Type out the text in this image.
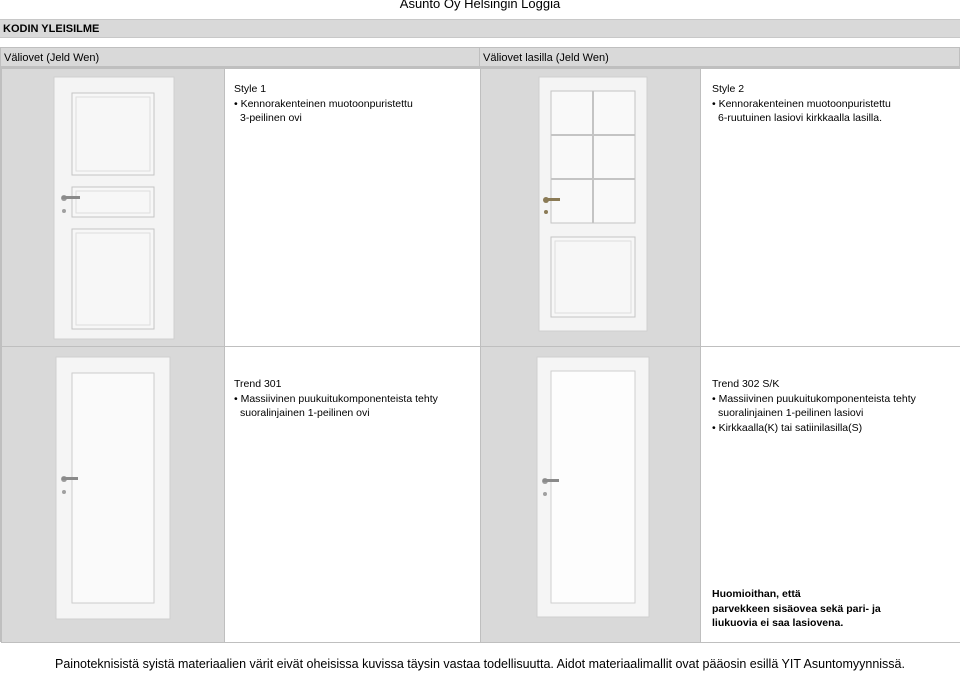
Asunto Oy Helsingin Loggia
KODIN YLEISILME
Väliovet (Jeld Wen)	Väliovet lasilla (Jeld Wen)
Style 1
• Kennorakenteinen muotoonpuristettu
3-peilinen ovi
Style 2
• Kennorakenteinen muotoonpuristettu
6-ruutuinen lasiovi kirkkaalla lasilla.
Trend 301
• Massiivinen puukuitukomponenteista tehty
suoralinjainen 1-peilinen ovi
Trend 302 S/K
• Massiivinen puukuitukomponenteista tehty
suoralinjainen 1-peilinen lasiovi
• Kirkkaalla(K) tai satiinilasilla(S)
Huomioithan, että
parvekkeen sisäovea sekä pari- ja
liukuovia ei saa lasiovena.
Painoteknisistä syistä materiaalien värit eivät oheisissa kuvissa täysin vastaa todellisuutta. Aidot materiaalimallit ovat pääosin esillä YIT Asuntomyynnissä.
